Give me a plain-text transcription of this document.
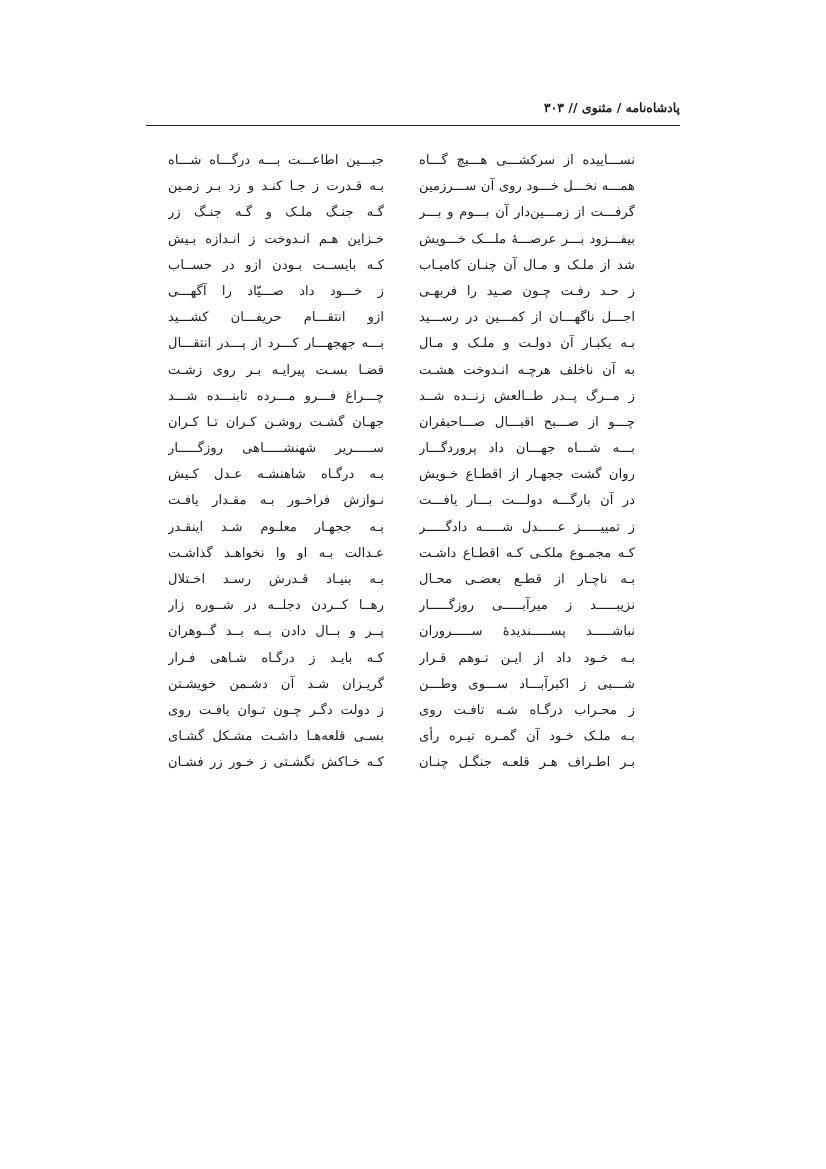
پادشاه‌نامه / مثنوی // ۳۰۳
نســـاییده از سرکشـــی هـــیچ گـــاه
همـــه نخـــل خـــود روی آن ســـرزمین
گرفـــت از زمـــین‌دار آن بـــوم و بـــر
بیفـــزود بـــر عرصـــهٔ ملـــک خـــویش
شد از ملـک و مـال آن چنـان کامیـاب
ز حـد رفـت چـون صـید را فربهـی
اجـــل ناگهـــان از کمـــین در رســـید
بـه یکبـار آن دولـت و ملـک و مـال
به آن ناخلف هرچـه انـدوخت هشـت
ز مــرگ پــدر طــالعش زنــده شــد
چـــو از صـــبح اقبـــال صـــاحبقران
بـــه شـــاه جهـــان داد پروردگـــار
روان گشت ججهـار از اقطـاع خـویش
در آن بارگـــه دولـــت بـــار یافـــت
ز تمییـــــز عـــــدل شـــــه دادگـــــر
کـه مجمـوع ملکـی کـه اقطـاع داشـت
بـه ناچـار از قطـع بعضـی محـال
نزیبـــــد ز میرآبـــــی روزگـــــار
نباشـــــد پســـــندیدهٔ ســـــروران
بـه خـود داد از ایـن تـوهم قـرار
شـــبی ز اکبرآبـــاد ســـوی وطـــن
ز محـراب درگـاه شـه تافـت روی
بـه ملـک خـود آن گمـره تیـره رأی
بـر اطـراف هـر قلعـه جنگـل چنـان
جبـــین اطاعـــت بـــه درگـــاه شـــاه
بـه قـدرت ز جـا کنـد و زد بـر زمـین
گـه جنـگ ملـک و گـه جنـگ زر
خـزاین هـم انـدوخت ز انـدازه بـیش
کـه بایســت بـودن ازو در حســاب
ز خـــود داد صـــیّاد را آگهـــی
ازو انتقـــام حریفـــان کشـــید
بـــه جهجهـــار کـــرد از پـــدر انتقـــال
قضـا بسـت پیرایـه بـر روی زشـت
چـــراغ فـــرو مـــرده تابنـــده شـــد
جهـان گشـت روشـن کـران تـا کـران
ســـــریر شهنشـــــاهی روزگـــــار
بـه درگـاه شاهنشـه عـدل کـیش
نـوازش فراخـور بـه مقـدار یافـت
بـه ججهـار معلـوم شـد اینقـدر
عـدالت بـه او وا نخواهـد گذاشـت
بـه بنیـاد قـدرش رسـد اخـتلال
رهــا کــردن دجلــه در شــوره زار
پــر و بــال دادن بــه بــد گــوهران
کـه بایـد ز درگـاه شـاهی فـرار
گریـزان شـد آن دشـمن خویشـتن
ز دولت دگـر چـون تـوان یافـت روی
بسـی قلعه‌هـا داشـت مشـکل گشـای
کـه خـاکش نگشـتی ز خـور زر فشـان
